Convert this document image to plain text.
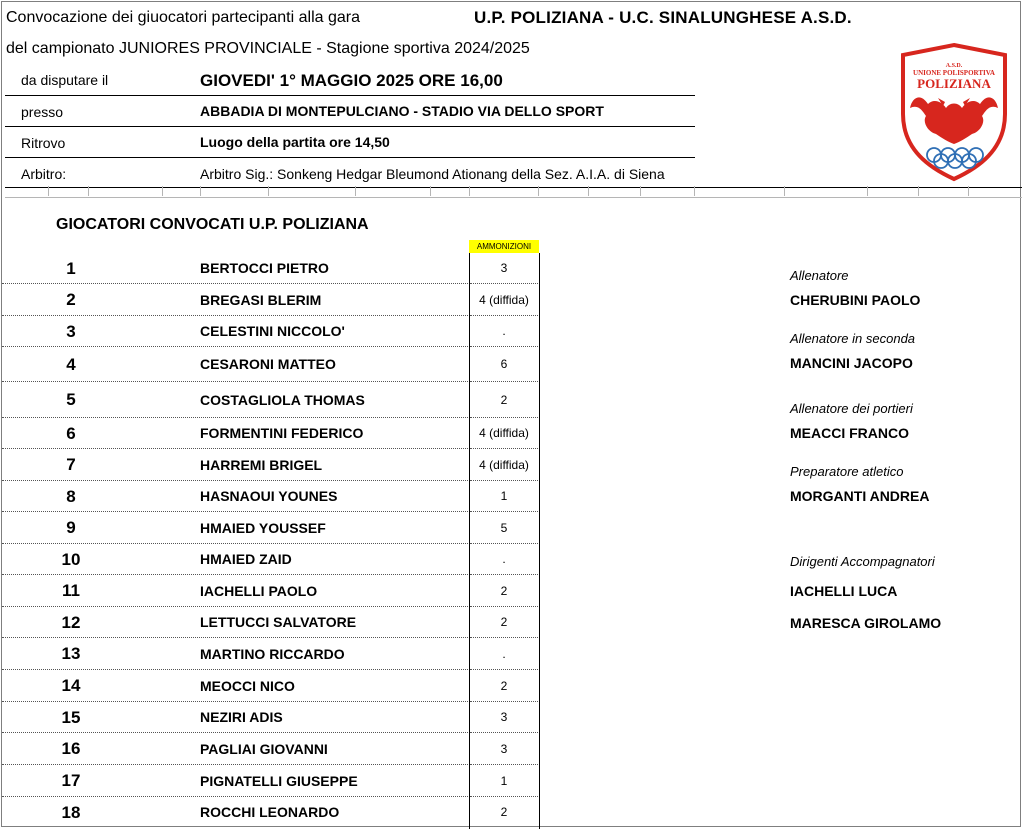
Convocazione dei giuocatori partecipanti alla gara	U.P. POLIZIANA - U.C. SINALUNGHESE A.S.D.
del campionato JUNIORES PROVINCIALE - Stagione sportiva 2024/2025
da disputare il	GIOVEDI' 1° MAGGIO 2025 ORE 16,00
presso	ABBADIA DI MONTEPULCIANO - STADIO VIA DELLO SPORT
Ritrovo	Luogo della partita ore 14,50
Arbitro:	Arbitro Sig.: Sonkeng Hedgar Bleumond Ationang della Sez. A.I.A. di Siena
A.S.D.
UNIONE POLISPORTIVA
POLIZIANA
GIOCATORI CONVOCATI U.P. POLIZIANA
AMMONIZIONI
1	BERTOCCI PIETRO	3
2	BREGASI BLERIM	4 (diffida)
3	CELESTINI NICCOLO'	.
4	CESARONI MATTEO	6
5	COSTAGLIOLA THOMAS	2
6	FORMENTINI FEDERICO	4 (diffida)
7	HARREMI BRIGEL	4 (diffida)
8	HASNAOUI YOUNES	1
9	HMAIED YOUSSEF	5
10	HMAIED ZAID	.
11	IACHELLI PAOLO	2
12	LETTUCCI SALVATORE	2
13	MARTINO RICCARDO	.
14	MEOCCI NICO	2
15	NEZIRI ADIS	3
16	PAGLIAI GIOVANNI	3
17	PIGNATELLI GIUSEPPE	1
18	ROCCHI LEONARDO	2
Allenatore
CHERUBINI PAOLO
Allenatore in seconda
MANCINI JACOPO
Allenatore dei portieri
MEACCI FRANCO
Preparatore atletico
MORGANTI ANDREA
Dirigenti Accompagnatori
IACHELLI LUCA
MARESCA GIROLAMO
